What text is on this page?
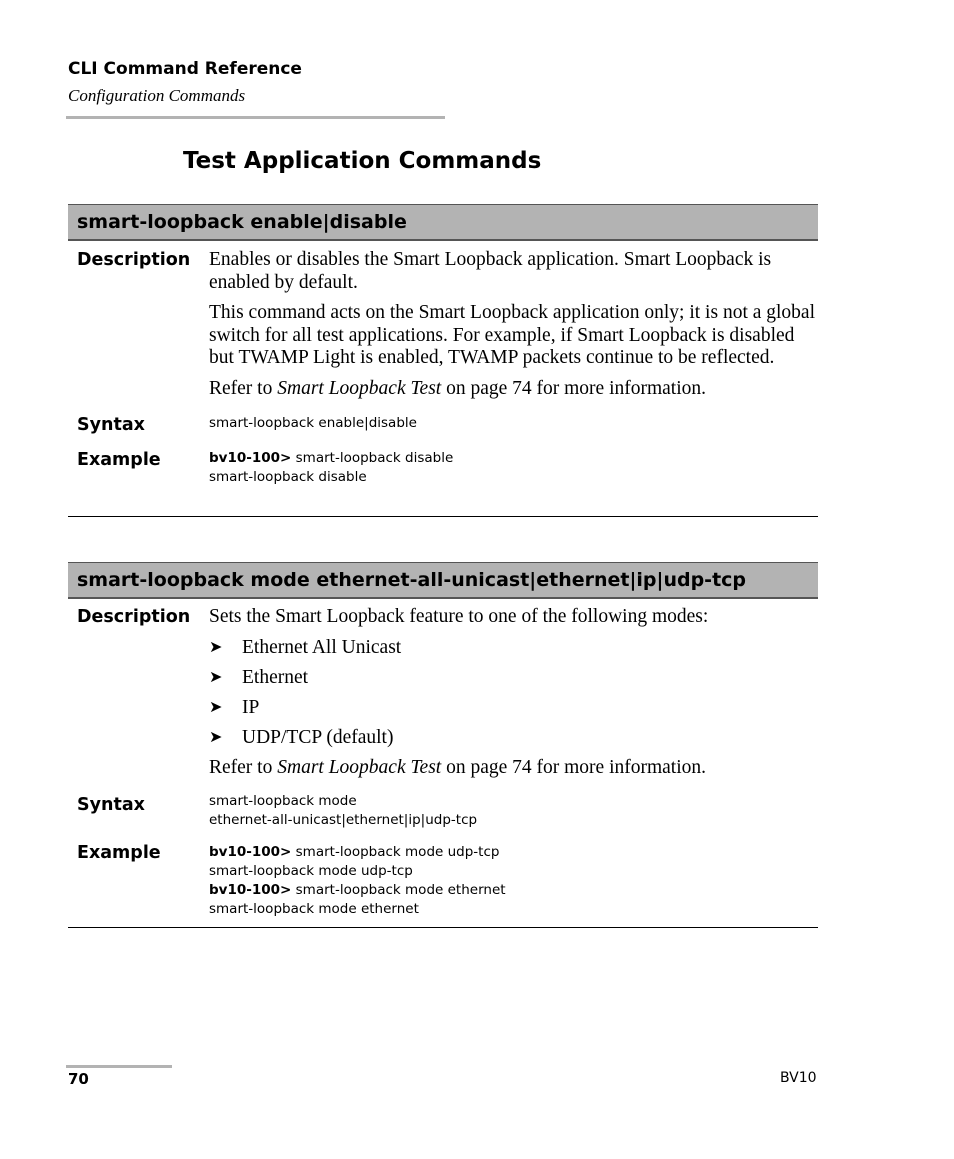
CLI Command Reference
Configuration Commands
Test Application Commands
smart-loopback enable|disable
Description Enables or disables the Smart Loopback application. Smart Loopback is enabled by default.

This command acts on the Smart Loopback application only; it is not a global switch for all test applications. For example, if Smart Loopback is disabled but TWAMP Light is enabled, TWAMP packets continue to be reflected.

Refer to Smart Loopback Test on page 74 for more information.

Syntax	smart-loopback enable|disable
Example	bv10-100> smart-loopback disable
smart-loopback disable
smart-loopback mode ethernet-all-unicast|ethernet|ip|udp-tcp
Description Sets the Smart Loopback feature to one of the following modes:

➤	Ethernet All Unicast
➤	Ethernet
➤	IP
➤	UDP/TCP (default)

Refer to Smart Loopback Test on page 74 for more information.

Syntax	smart-loopback mode
ethernet-all-unicast|ethernet|ip|udp-tcp
Example	bv10-100> smart-loopback mode udp-tcp
smart-loopback mode udp-tcp
bv10-100> smart-loopback mode ethernet
smart-loopback mode ethernet
70	BV10
